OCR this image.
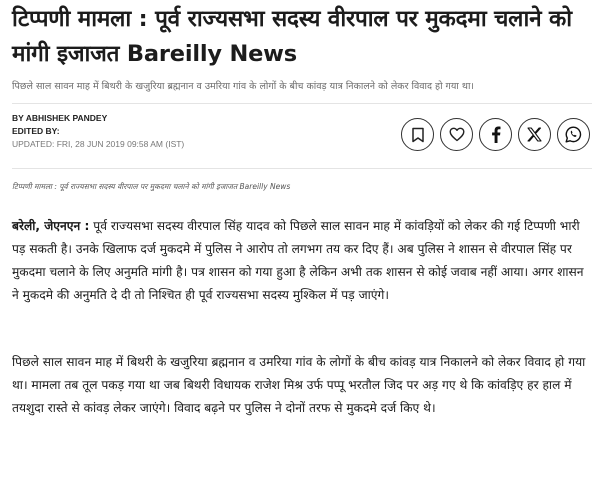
टिप्पणी मामला : पूर्व राज्यसभा सदस्य वीरपाल पर मुकदमा चलाने को मांगी इजाजत Bareilly News

पिछले साल सावन माह में बिथरी के खजुरिया ब्रह्मनान व उमरिया गांव के लोगों के बीच कांवड़ यात्र निकालने को लेकर विवाद हो गया था।

BY ABHISHEK PANDEY
EDITED BY:
UPDATED: FRI, 28 JUN 2019 09:58 AM (IST)
टिप्पणी मामला : पूर्व राज्यसभा सदस्य वीरपाल पर मुकदमा चलाने को मांगी इजाजत Bareilly News

बरेली, जेएनएन : पूर्व राज्यसभा सदस्य वीरपाल सिंह यादव को पिछले साल सावन माह में कांवड़ियों को लेकर की गई टिप्पणी भारी पड़ सकती है। उनके खिलाफ दर्ज मुकदमे में पुलिस ने आरोप तो लगभग तय कर दिए हैं। अब पुलिस ने शासन से वीरपाल सिंह पर मुकदमा चलाने के लिए अनुमति मांगी है। पत्र शासन को गया हुआ है लेकिन अभी तक शासन से कोई जवाब नहीं आया। अगर शासन ने मुकदमे की अनुमति दे दी तो निश्चित ही पूर्व राज्यसभा सदस्य मुश्किल में पड़ जाएंगे।

पिछले साल सावन माह में बिथरी के खजुरिया ब्रह्मनान व उमरिया गांव के लोगों के बीच कांवड़ यात्र निकालने को लेकर विवाद हो गया था। मामला तब तूल पकड़ गया था जब बिथरी विधायक राजेश मिश्र उर्फ पप्पू भरतौल जिद पर अड़ गए थे कि कांवड़िए हर हाल में तयशुदा रास्ते से कांवड़ लेकर जाएंगे। विवाद बढ़ने पर पुलिस ने दोनों तरफ से मुकदमे दर्ज किए थे।
